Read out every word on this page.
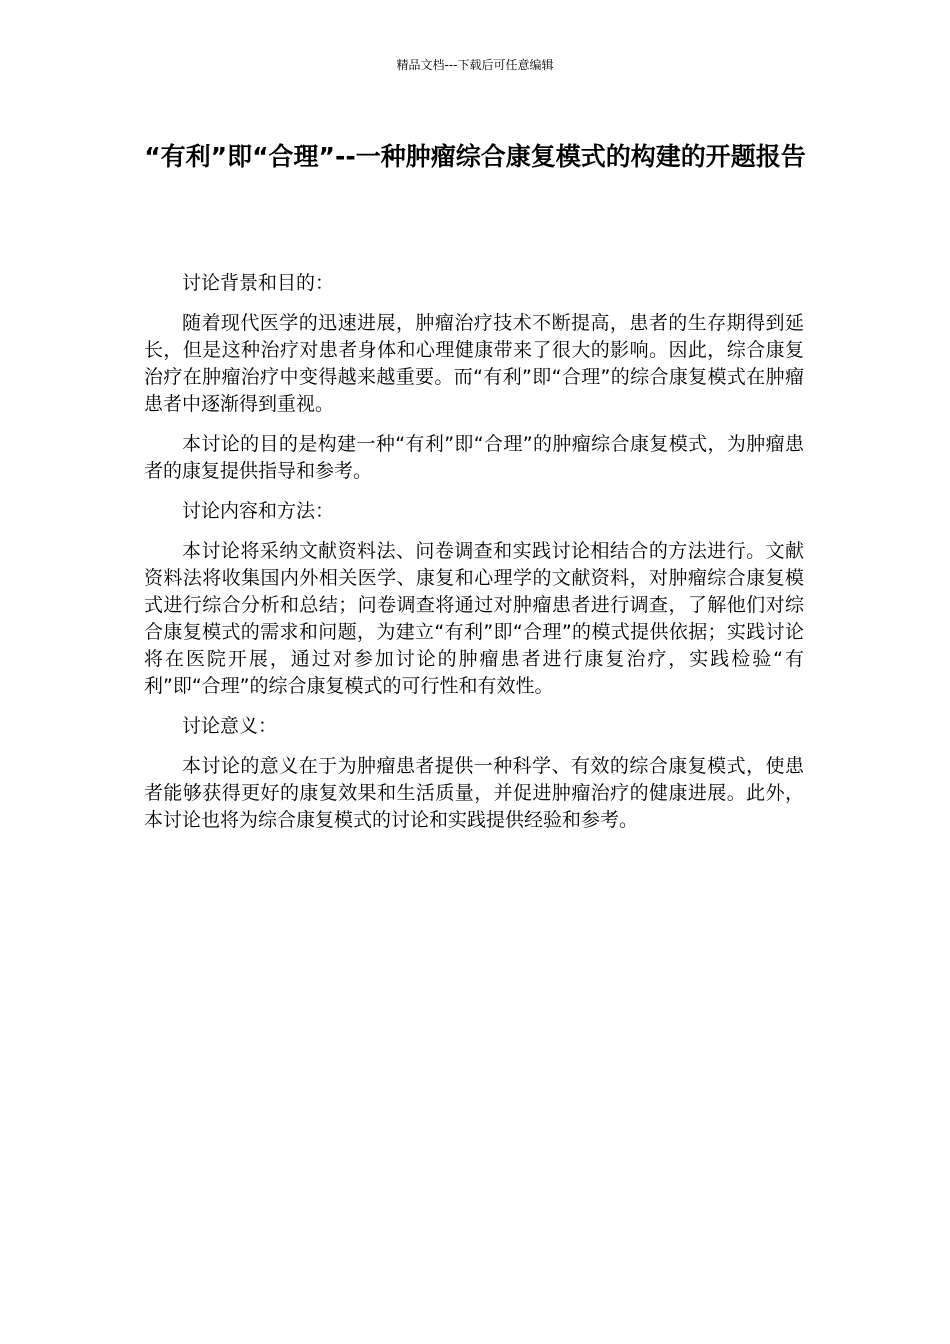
精品文档---下载后可任意编辑
“有利”即“合理”--一种肿瘤综合康复模式的构建的开题报告

讨论背景和目的：

随着现代医学的迅速进展，肿瘤治疗技术不断提高，患者的生存期得到延长，但是这种治疗对患者身体和心理健康带来了很大的影响。因此，综合康复治疗在肿瘤治疗中变得越来越重要。而“有利”即“合理”的综合康复模式在肿瘤患者中逐渐得到重视。

本讨论的目的是构建一种“有利”即“合理”的肿瘤综合康复模式，为肿瘤患者的康复提供指导和参考。

讨论内容和方法：

本讨论将采纳文献资料法、问卷调查和实践讨论相结合的方法进行。文献资料法将收集国内外相关医学、康复和心理学的文献资料，对肿瘤综合康复模式进行综合分析和总结；问卷调查将通过对肿瘤患者进行调查，了解他们对综合康复模式的需求和问题，为建立“有利”即“合理”的模式提供依据；实践讨论将在医院开展，通过对参加讨论的肿瘤患者进行康复治疗，实践检验“有利”即“合理”的综合康复模式的可行性和有效性。

讨论意义：

本讨论的意义在于为肿瘤患者提供一种科学、有效的综合康复模式，使患者能够获得更好的康复效果和生活质量，并促进肿瘤治疗的健康进展。此外，本讨论也将为综合康复模式的讨论和实践提供经验和参考。
